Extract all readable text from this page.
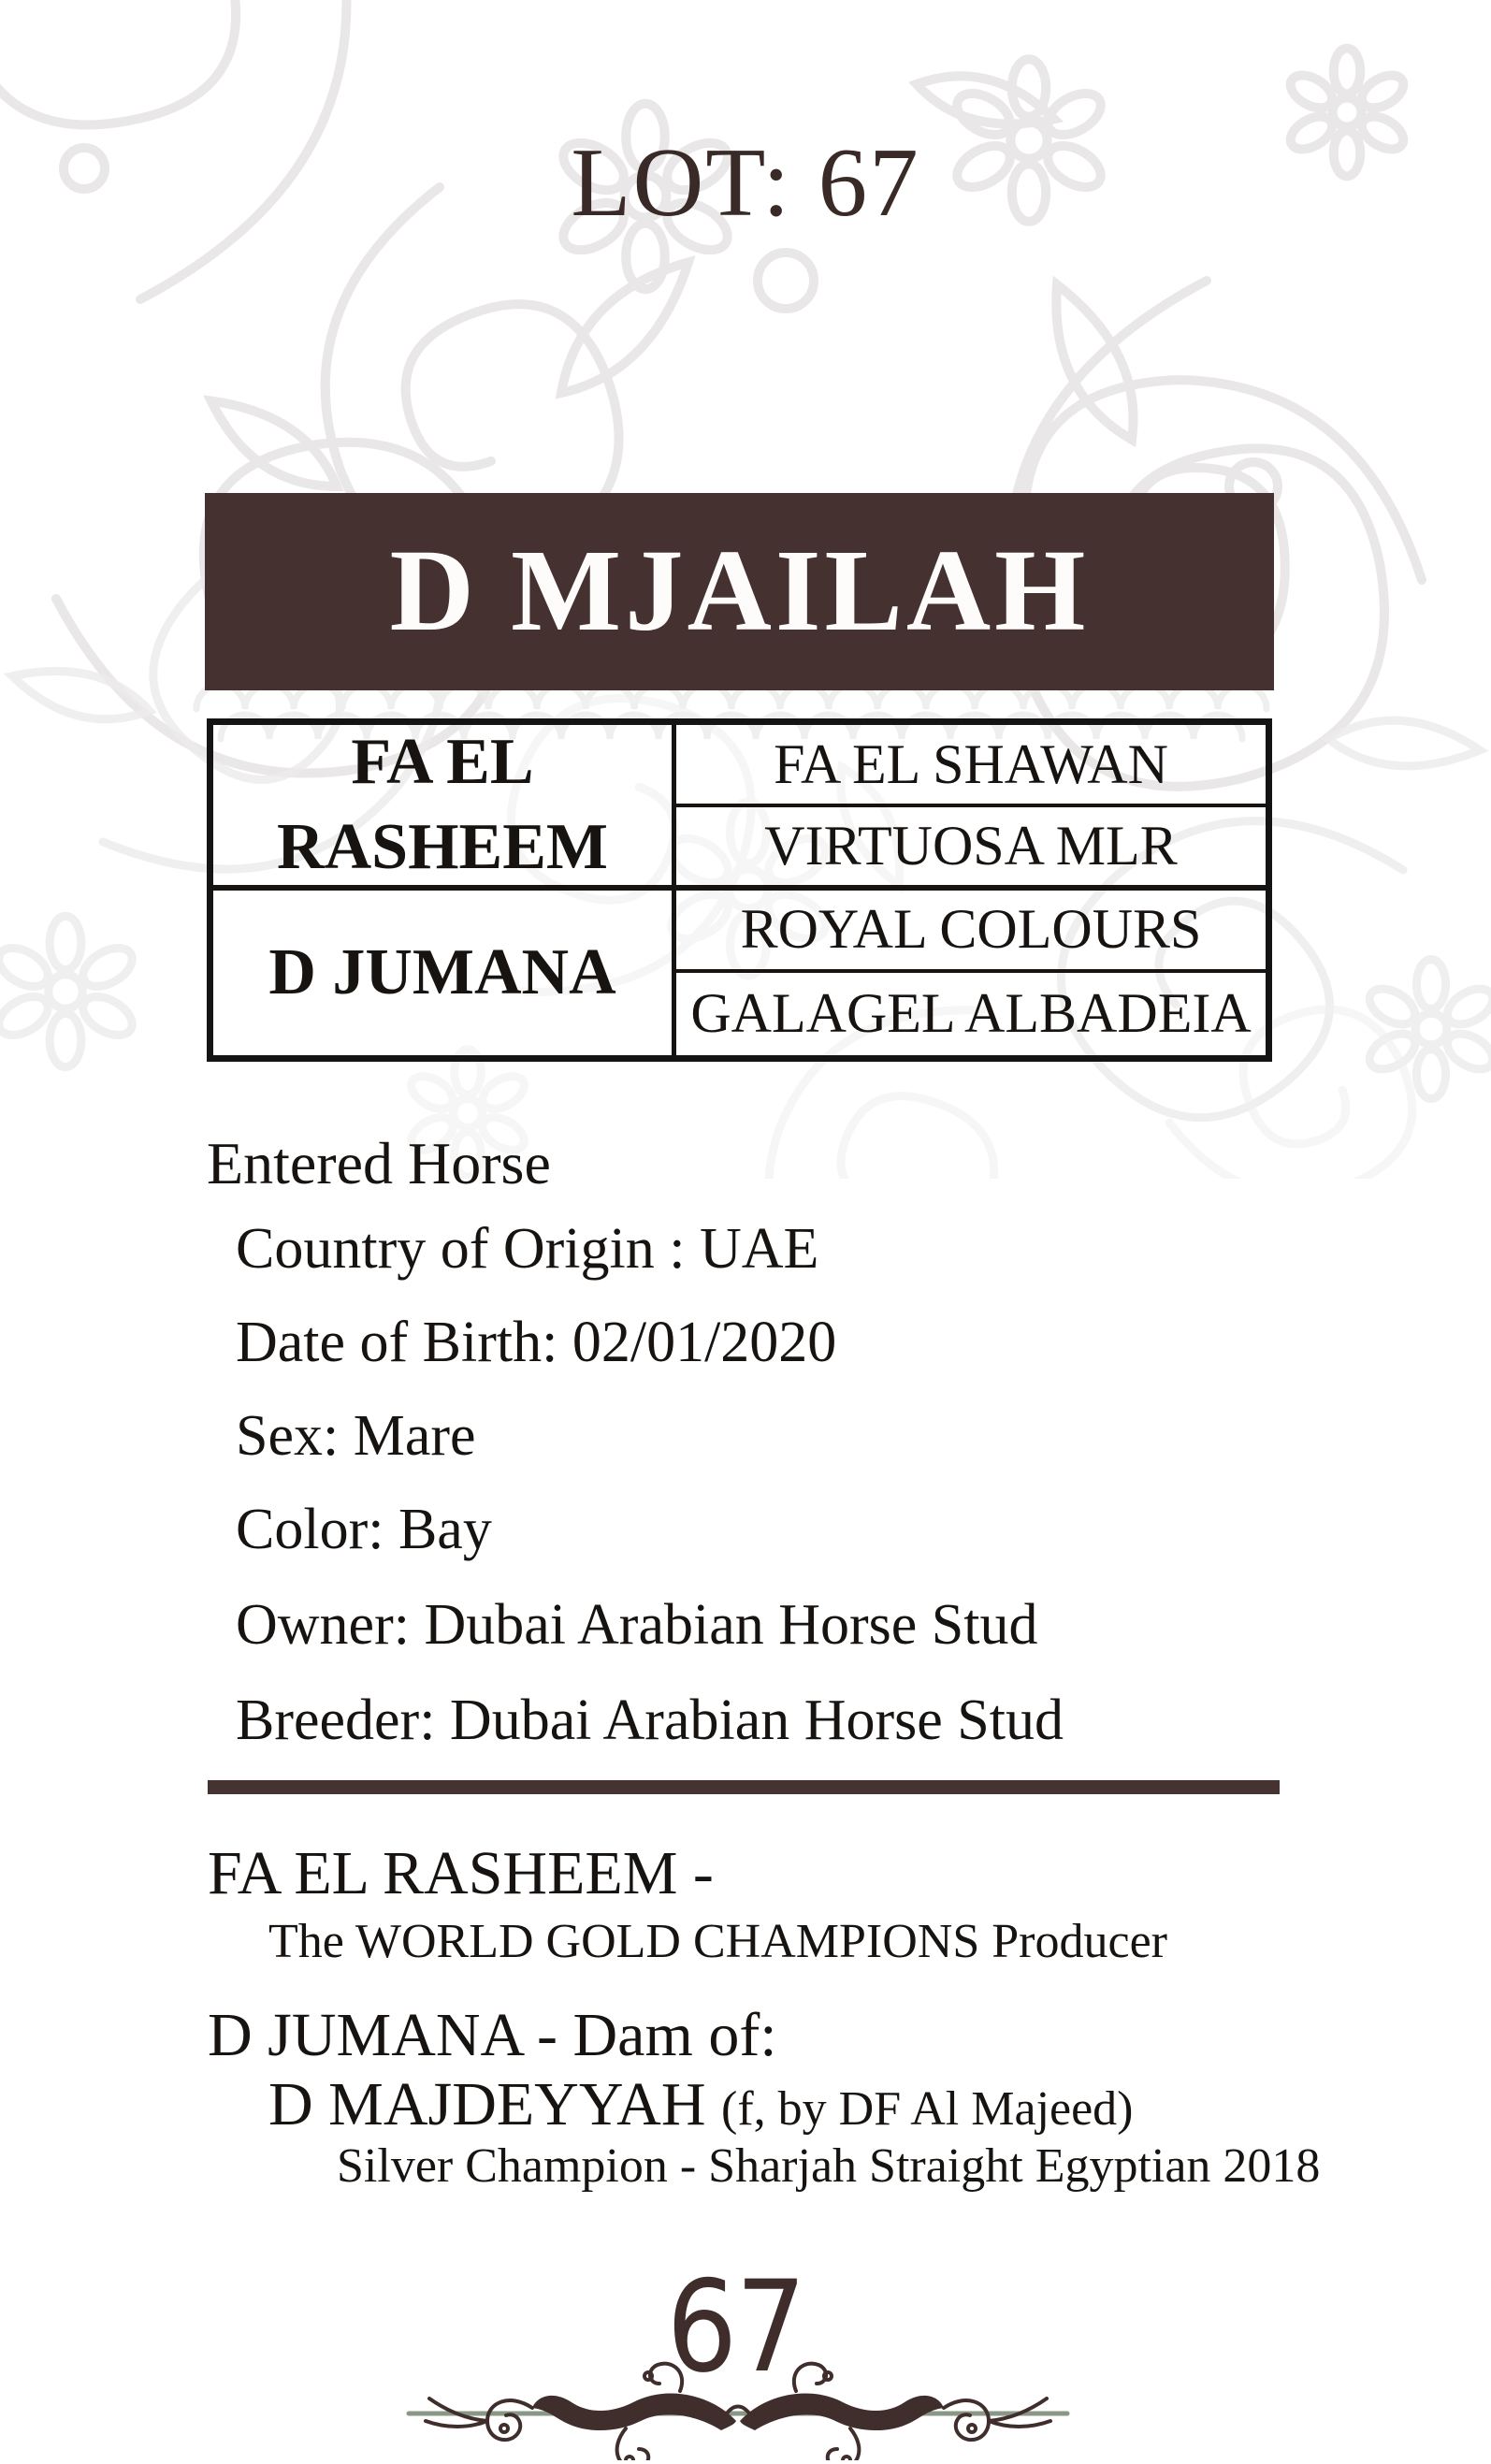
LOT: 67
D MJAILAH
FA EL RASHEEM
D JUMANA
FA EL SHAWAN
VIRTUOSA MLR
ROYAL COLOURS
GALAGEL ALBADEIA
Entered Horse
Country of Origin : UAE
Date of Birth: 02/01/2020
Sex: Mare
Color: Bay
Owner: Dubai Arabian Horse Stud
Breeder: Dubai Arabian Horse Stud
FA EL RASHEEM -
The WORLD GOLD CHAMPIONS Producer
D JUMANA - Dam of:
D MAJDEYYAH (f, by DF Al Majeed)
Silver Champion - Sharjah Straight Egyptian 2018
67
